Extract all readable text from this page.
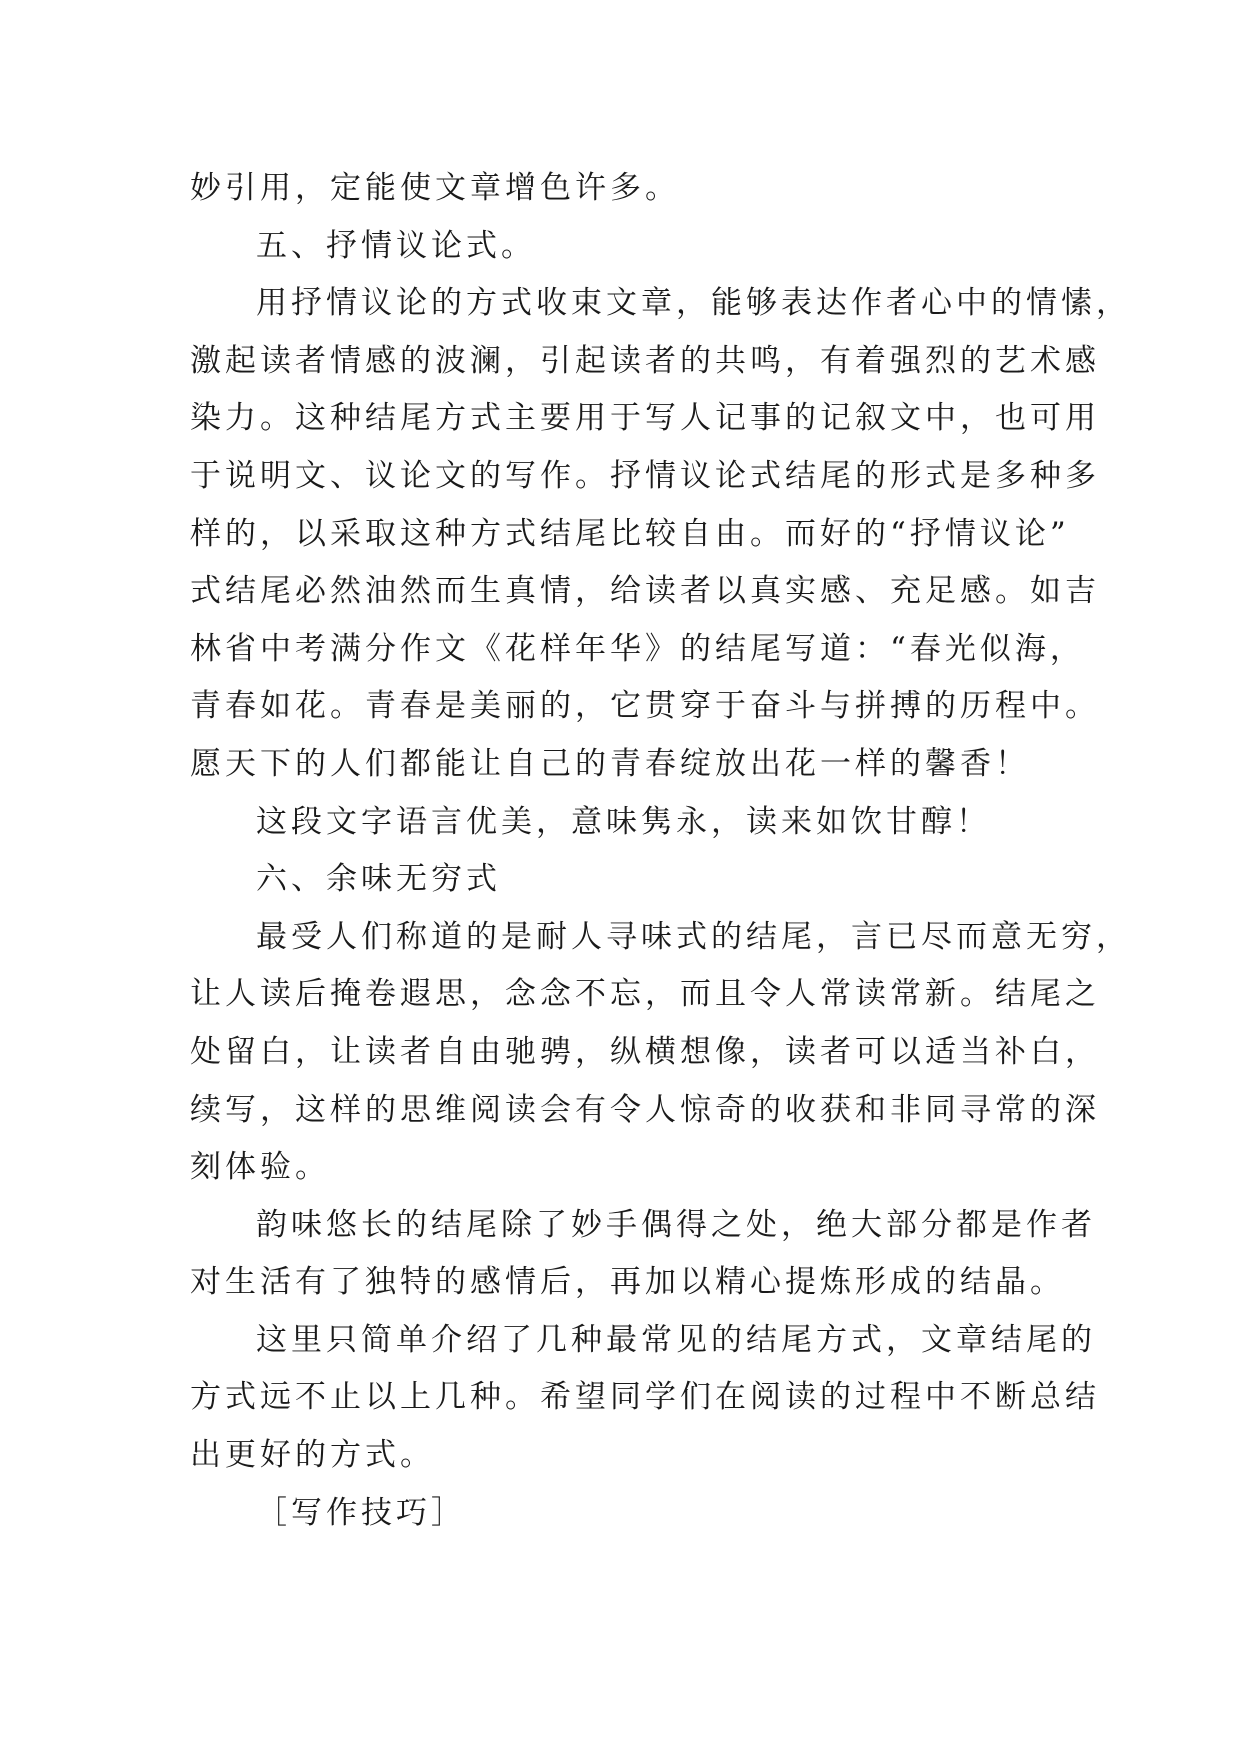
妙引用，定能使文章增色许多。
五、抒情议论式。
用抒情议论的方式收束文章，能够表达作者心中的情愫，
激起读者情感的波澜，引起读者的共鸣，有着强烈的艺术感
染力。这种结尾方式主要用于写人记事的记叙文中，也可用
于说明文、议论文的写作。抒情议论式结尾的形式是多种多
样的，以采取这种方式结尾比较自由。而好的“抒情议论”
式结尾必然油然而生真情，给读者以真实感、充足感。如吉
林省中考满分作文《花样年华》的结尾写道：“春光似海，
青春如花。青春是美丽的，它贯穿于奋斗与拼搏的历程中。
愿天下的人们都能让自己的青春绽放出花一样的馨香！
这段文字语言优美，意味隽永，读来如饮甘醇！
六、余味无穷式
最受人们称道的是耐人寻味式的结尾，言已尽而意无穷，
让人读后掩卷遐思，念念不忘，而且令人常读常新。结尾之
处留白，让读者自由驰骋，纵横想像，读者可以适当补白，
续写，这样的思维阅读会有令人惊奇的收获和非同寻常的深
刻体验。
韵味悠长的结尾除了妙手偶得之处，绝大部分都是作者
对生活有了独特的感情后，再加以精心提炼形成的结晶。
这里只简单介绍了几种最常见的结尾方式，文章结尾的
方式远不止以上几种。希望同学们在阅读的过程中不断总结
出更好的方式。
［写作技巧］
